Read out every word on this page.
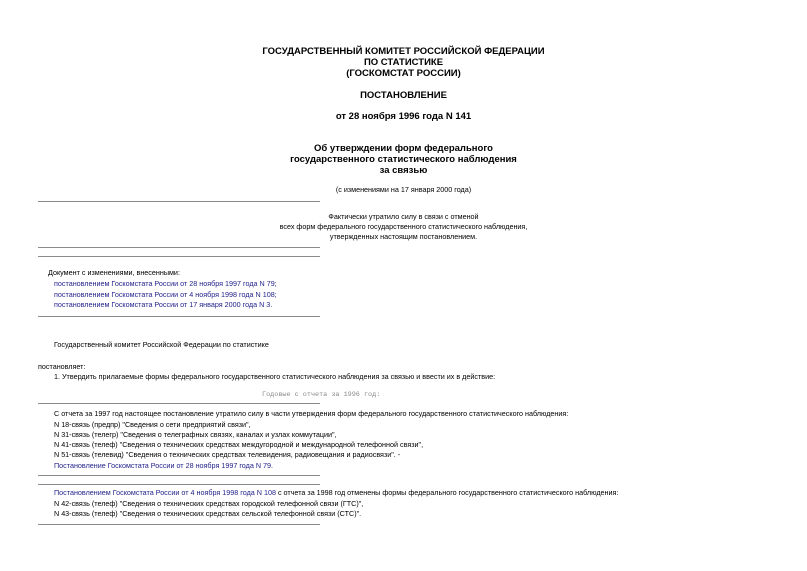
ГОСУДАРСТВЕННЫЙ КОМИТЕТ РОССИЙСКОЙ ФЕДЕРАЦИИ
ПО СТАТИСТИКЕ
(ГОСКОМСТАТ РОССИИ)
ПОСТАНОВЛЕНИЕ
от 28 ноября 1996 года N 141
Об утверждении форм федерального
государственного статистического наблюдения
за связью
(с изменениями на 17 января 2000 года)
Фактически утратило силу в связи с отменой
всех форм федерального государственного статистического наблюдения,
утвержденных настоящим постановлением.
Документ с изменениями, внесенными:
постановлением Госкомстата России от 28 ноября 1997 года N 79;
постановлением Госкомстата России от 4 ноября 1998 года N 108;
постановлением Госкомстата России от 17 января 2000 года N 3.
Государственный комитет Российской Федерации по статистике
постановляет:
1. Утвердить прилагаемые формы федерального государственного статистического наблюдения за связью и ввести их в действие:
Годовые с отчета за 1996 год:
С отчета за 1997 год настоящее постановление утратило силу в части утверждения форм федерального государственного статистического наблюдения:
N 18-связь (предпр) "Сведения о сети предприятий связи",
N 31-связь (телегр) "Сведения о телеграфных связях, каналах и узлах коммутации",
N 41-связь (телеф) "Сведения о технических средствах междугородной и международной телефонной связи",
N 51-связь (телевид) "Сведения о технических средствах телевидения, радиовещания и радиосвязи". -
Постановление Госкомстата России от 28 ноября 1997 года N 79.
Постановлением Госкомстата России от 4 ноября 1998 года N 108 с отчета за 1998 год отменены формы федерального государственного статистического наблюдения:
N 42-связь (телеф) "Сведения о технических средствах городской телефонной связи (ГТС)",
N 43-связь (телеф) "Сведения о технических средствах сельской телефонной связи (СТС)".
